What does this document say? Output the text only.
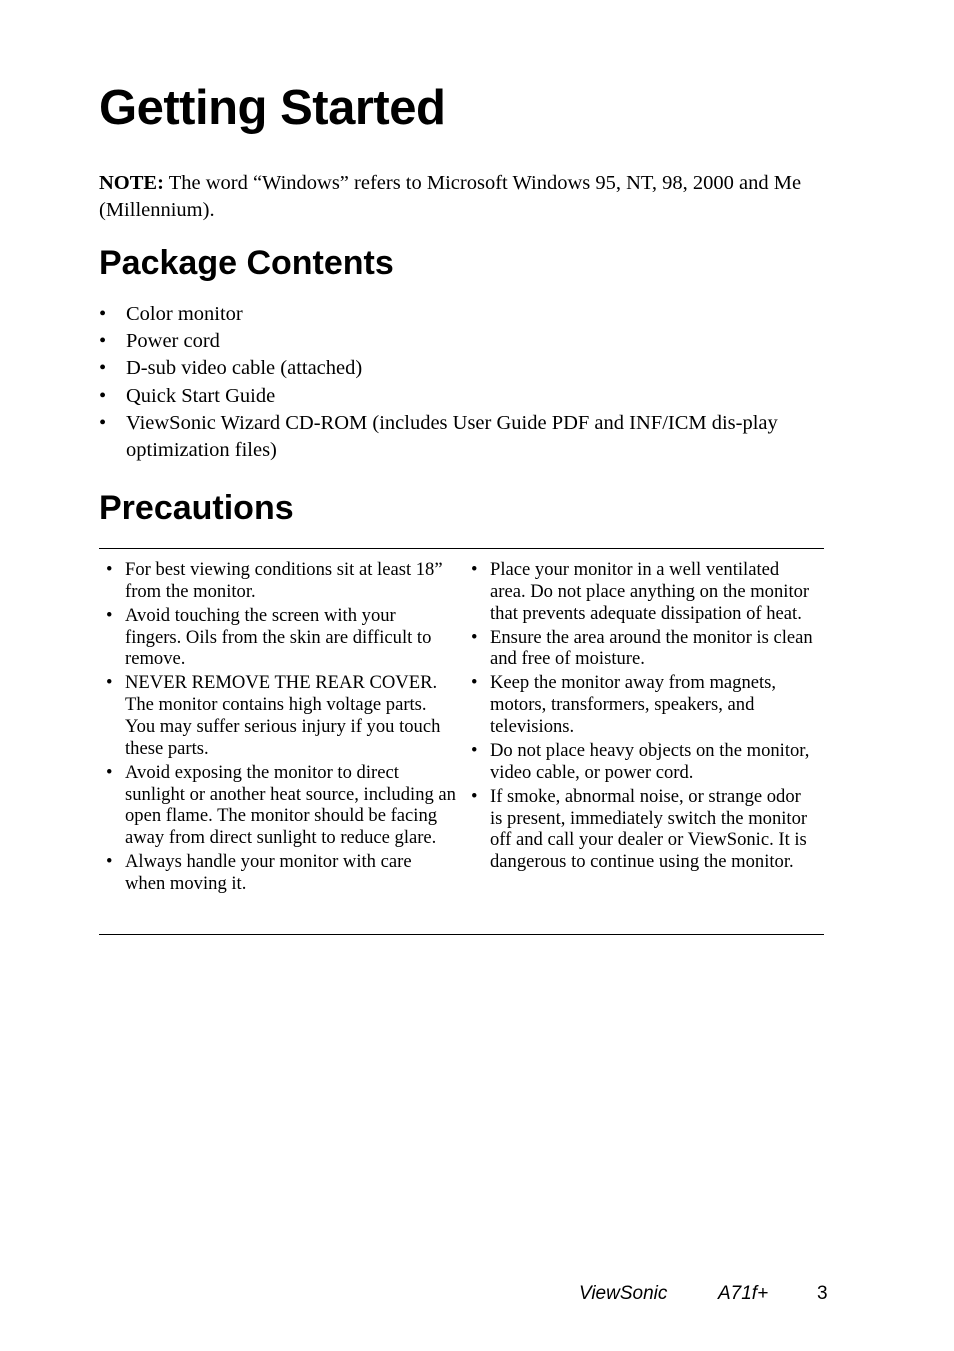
Getting Started

NOTE: The word “Windows” refers to Microsoft Windows 95, NT, 98, 2000 and Me (Millennium).

Package Contents
• Color monitor
• Power cord
• D-sub video cable (attached)
• Quick Start Guide
• ViewSonic Wizard CD-ROM (includes User Guide PDF and INF/ICM dis-play optimization files)
Precautions
• For best viewing conditions sit at least 18” from the monitor.
• Avoid touching the screen with your fingers. Oils from the skin are difficult to remove.
• NEVER REMOVE THE REAR COVER. The monitor contains high voltage parts. You may suffer serious injury if you touch these parts.
• Avoid exposing the monitor to direct sunlight or another heat source, including an open flame. The monitor should be facing away from direct sunlight to reduce glare.
• Always handle your monitor with care when moving it.
• Place your monitor in a well ventilated area. Do not place anything on the monitor that prevents adequate dissipation of heat.
• Ensure the area around the monitor is clean and free of moisture.
• Keep the monitor away from magnets, motors, transformers, speakers, and televisions.
• Do not place heavy objects on the monitor, video cable, or power cord.
• If smoke, abnormal noise, or strange odor is present, immediately switch the monitor off and call your dealer or ViewSonic. It is dangerous to continue using the monitor.
ViewSonic	A71f+	3
